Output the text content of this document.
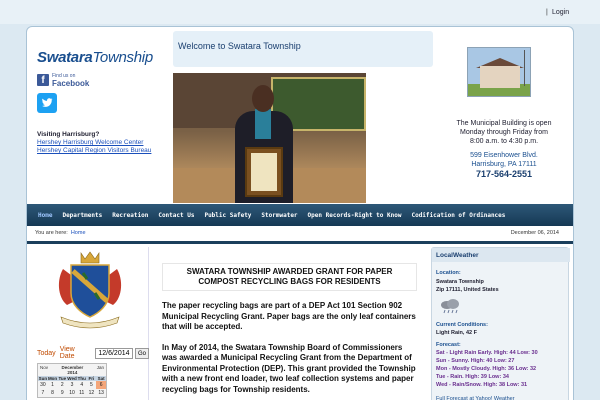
| Login
SwataraTownship
f	Find us on
Facebook
Visiting Harrisburg?
Hershey Harrisburg Welcome Center
Hershey Capital Region Visitors Bureau
Welcome to Swatara Township
The Municipal Building is open
Monday through Friday from
8:00 a.m. to 4:30 p.m.
599 Eisenhower Blvd.
Harrisburg, PA 17111
717-564-2551
Home	Departments	Recreation	Contact Us	Public Safety	Stormwater	Open Records-Right to Know	Codification of Ordinances
You are here: Home	December 06, 2014
Today View Date	12/6/2014	Go
Nov	December
2014
Jan
Sun Mon Tue Wed Thu Fri Sat
30	1	2	3	4	5	6
7	8	9	10 11 12 13
SWATARA TOWNSHIP AWARDED GRANT FOR PAPER COMPOST RECYCLING BAGS FOR RESIDENTS

The paper recycling bags are part of a DEP Act 101 Section 902 Municipal Recycling Grant. Paper bags are the only leaf containers that will be accepted.

In May of 2014, the Swatara Township Board of Commissioners was awarded a Municipal Recycling Grant from the Department of Environmental Protection (DEP). This grant provided the Township with a new front end loader, two leaf collection systems and paper recycling bags for Township residents.

LocalWeather
Location:
Swatara Township
Zip 17111, United States
Current Conditions:
Light Rain, 42 F
Forecast:
Sat - Light Rain Early. High: 44 Low: 30
Sun - Sunny. High: 40 Low: 27
Mon - Mostly Cloudy. High: 36 Low: 32
Tue - Rain. High: 39 Low: 34
Wed - Rain/Snow. High: 38 Low: 31
Full Forecast at Yahoo! Weather
